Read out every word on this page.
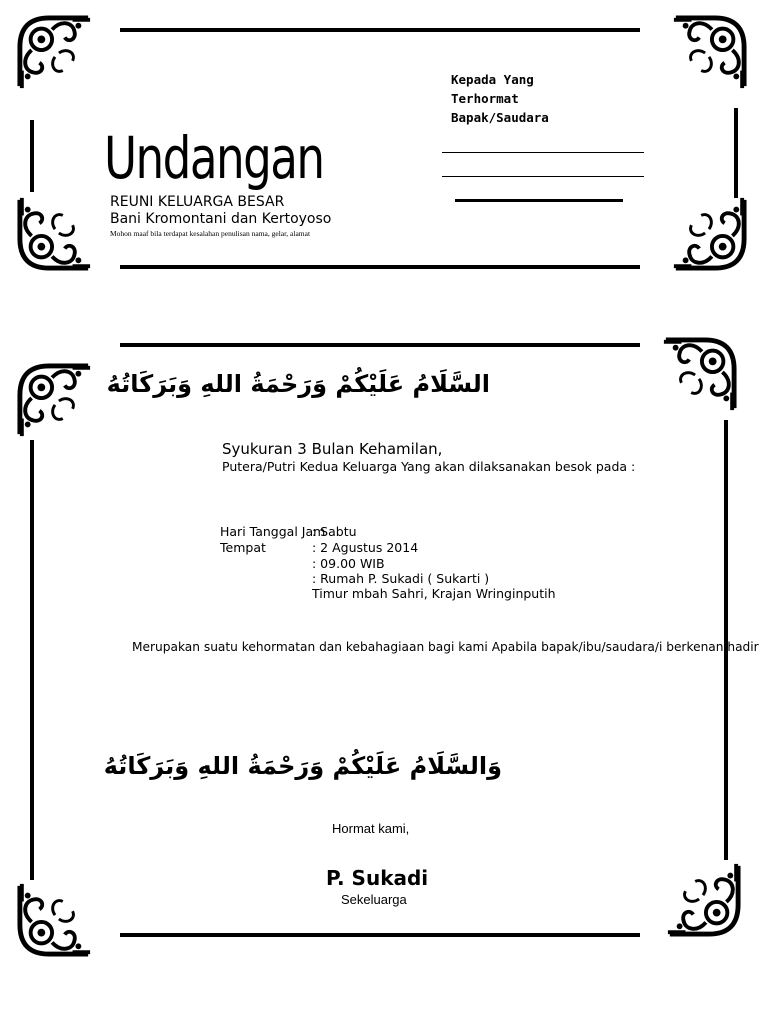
Undangan
REUNI KELUARGA BESAR
Bani Kromontani dan Kertoyoso
Mohon maaf bila terdapat kesalahan penulisan nama, gelar, alamat
Kepada Yang
Terhormat
Bapak/Saudara
السَّلَامُ عَلَيْكُمْ وَرَحْمَةُ اللهِ وَبَرَكَاتُهُ
Syukuran 3 Bulan Kehamilan,
Putera/Putri Kedua Keluarga Yang akan dilaksanakan besok pada :
Hari Tanggal Jam
: Sabtu
Tempat	: 2 Agustus 2014
: 09.00 WIB
: Rumah P. Sukadi ( Sukarti )
Timur mbah Sahri, Krajan Wringinputih
Merupakan suatu kehormatan dan kebahagiaan bagi kami Apabila bapak/ibu/saudara/i berkenan hadir
وَالسَّلَامُ عَلَيْكُمْ وَرَحْمَةُ اللهِ وَبَرَكَاتُهُ
Hormat kami,
P. Sukadi
Sekeluarga
